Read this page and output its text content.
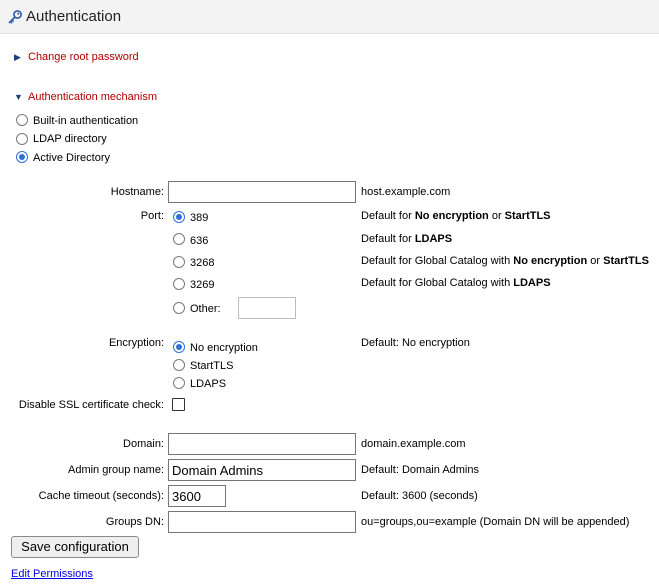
Authentication
▶ Change root password
▼ Authentication mechanism
Built-in authentication
LDAP directory
Active Directory
Hostname:	host.example.com
Port: 389	Default for No encryption or StartTLS
636	Default for LDAPS
3268	Default for Global Catalog with No encryption or StartTLS
3269	Default for Global Catalog with LDAPS
Other:
Encryption: No encryption
StartTLS
LDAPS
Default: No encryption
Disable SSL certificate check:
Domain:	domain.example.com
Admin group name:
Domain Admins	Default: Domain Admins
Cache timeout (seconds):
3600	Default: 3600 (seconds)
Groups DN:	ou=groups,ou=example (Domain DN will be appended)
Save configuration
Edit Permissions
